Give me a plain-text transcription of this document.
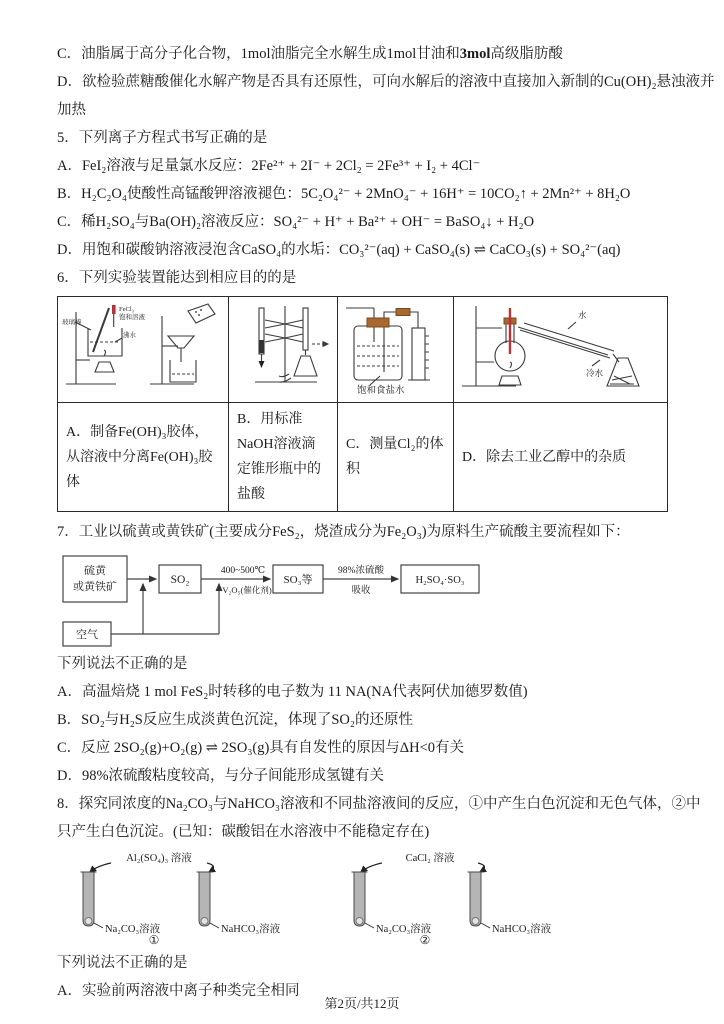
C．油脂属于高分子化合物，1mol油脂完全水解生成1mol甘油和3mol高级脂肪酸

D．欲检验蔗糖酸催化水解产物是否具有还原性，可向水解后的溶液中直接加入新制的Cu(OH)₂悬浊液并

加热

5．下列离子方程式书写正确的是

A．FeI₂溶液与足量氯水反应：2Fe²⁺ + 2I⁻ + 2Cl₂ = 2Fe³⁺ + I₂ + 4Cl⁻

B．H₂C₂O₄使酸性高锰酸钾溶液褪色：5C₂O₄²⁻ + 2MnO₄⁻ + 16H⁺ = 10CO₂↑ + 2Mn²⁺ + 8H₂O

C．稀H₂SO₄与Ba(OH)₂溶液反应：SO₄²⁻ + H⁺ + Ba²⁺ + OH⁻ = BaSO₄↓ + H₂O

D．用饱和碳酸钠溶液浸泡含CaSO₄的水垢：CO₃²⁻(aq) + CaSO₄(s) ⇌ CaCO₃(s) + SO₄²⁻(aq)

6．下列实验装置能达到相应目的的是

玻璃棒
FeCl₃
饱和溶液
沸水		饱和食盐水	水
冷水

A．制备Fe(OH)₃胶体，从溶液中分离Fe(OH)₃胶体	B．用标准NaOH溶液滴定锥形瓶中的盐酸	C．测量Cl₂的体积	D．除去工业乙醇中的杂质

7．工业以硫黄或黄铁矿(主要成分FeS₂，烧渣成分为Fe₂O₃)为原料生产硫酸主要流程如下：

硫黄
或黄铁矿
SO₂
400~500℃
V₂O₅(催化剂)
SO₃等
98%浓硫酸
吸收
H₂SO₄·SO₃
空气

下列说法不正确的是

A．高温焙烧 1 mol FeS₂时转移的电子数为 11 NA(NA代表阿伏加德罗数值)

B．SO₂与H₂S反应生成淡黄色沉淀，体现了SO₂的还原性

C．反应 2SO₂(g)+O₂(g) ⇌ 2SO₃(g)具有自发性的原因与ΔH<0有关

D．98%浓硫酸粘度较高，与分子间能形成氢键有关

8．探究同浓度的Na₂CO₃与NaHCO₃溶液和不同盐溶液间的反应，①中产生白色沉淀和无色气体，②中

只产生白色沉淀。(已知：碳酸铝在水溶液中不能稳定存在)

Al₂(SO₄)₃ 溶液
Na₂CO₃溶液	NaHCO₃溶液
①
CaCl₂ 溶液
Na₂CO₃溶液	NaHCO₃溶液
②

下列说法不正确的是

A．实验前两溶液中离子种类完全相同

第2页/共12页
